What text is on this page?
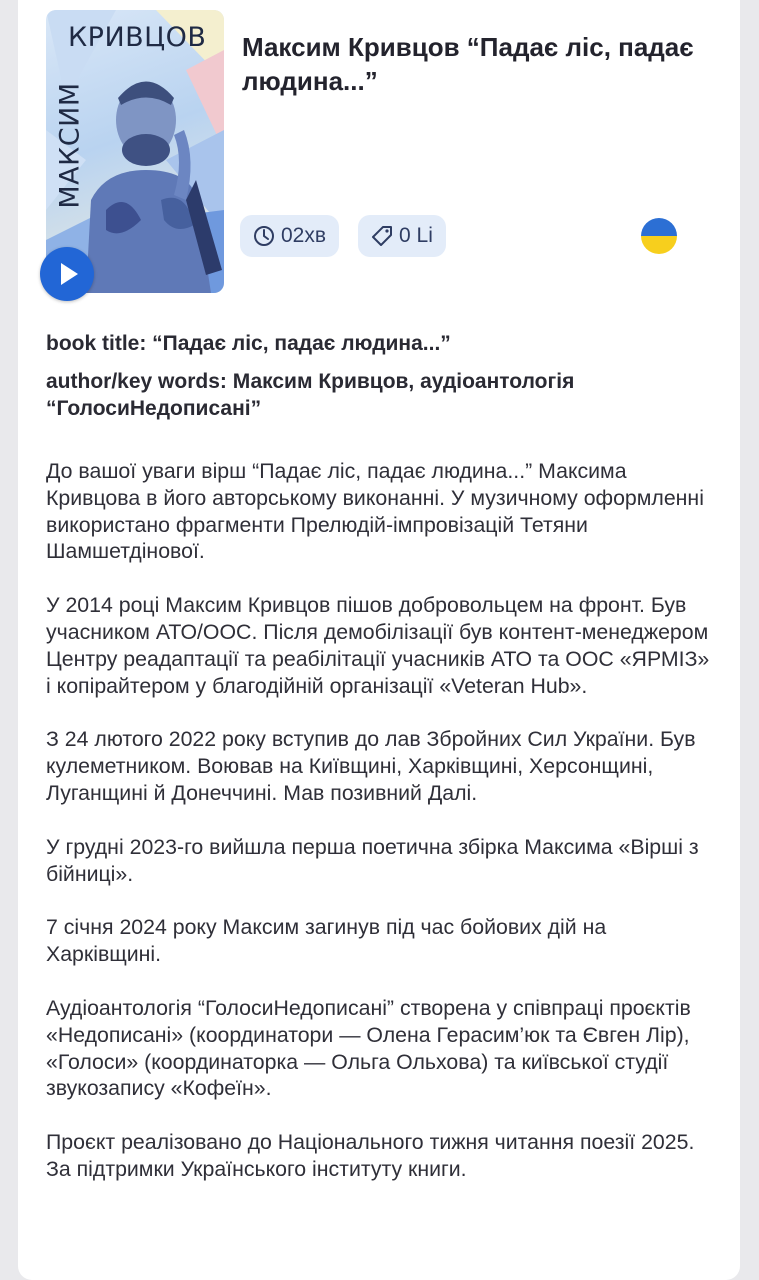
КРИВЦОВ
МАКСИМ
Максим Кривцов “Падає ліс, падає людина...”
02хв	0 Li
book title: “Падає ліс, падає людина...”
author/key words: Максим Кривцов, аудіоантологія “ГолосиНедописані”

До вашої уваги вірш “Падає ліс, падає людина...” Максима Кривцова в його авторському виконанні. У музичному оформленні використано фрагменти Прелюдій-імпровізацій Тетяни Шамшетдінової.

У 2014 році Максим Кривцов пішов добровольцем на фронт. Був учасником АТО/ООС. Після демобілізації був контент-менеджером Центру реадаптації та реабілітації учасників АТО та ООС «ЯРМІЗ» і копірайтером у благодійній організації «Veteran Hub».

З 24 лютого 2022 року вступив до лав Збройних Сил України. Був кулеметником. Воював на Київщині, Харківщині, Херсонщині, Луганщині й Донеччині. Мав позивний Далі.

У грудні 2023-го вийшла перша поетична збірка Максима «Вірші з бійниці».

7 січня 2024 року Максим загинув під час бойових дій на Харківщині.

Аудіоантологія “ГолосиНедописані” створена у співпраці проєктів «Недописані» (координатори — Олена Герасим’юк та Євген Лір), «Голоси» (координаторка — Ольга Ольхова) та київської студії звукозапису «Кофеїн».

Проєкт реалізовано до Національного тижня читання поезії 2025. За підтримки Українського інституту книги.
